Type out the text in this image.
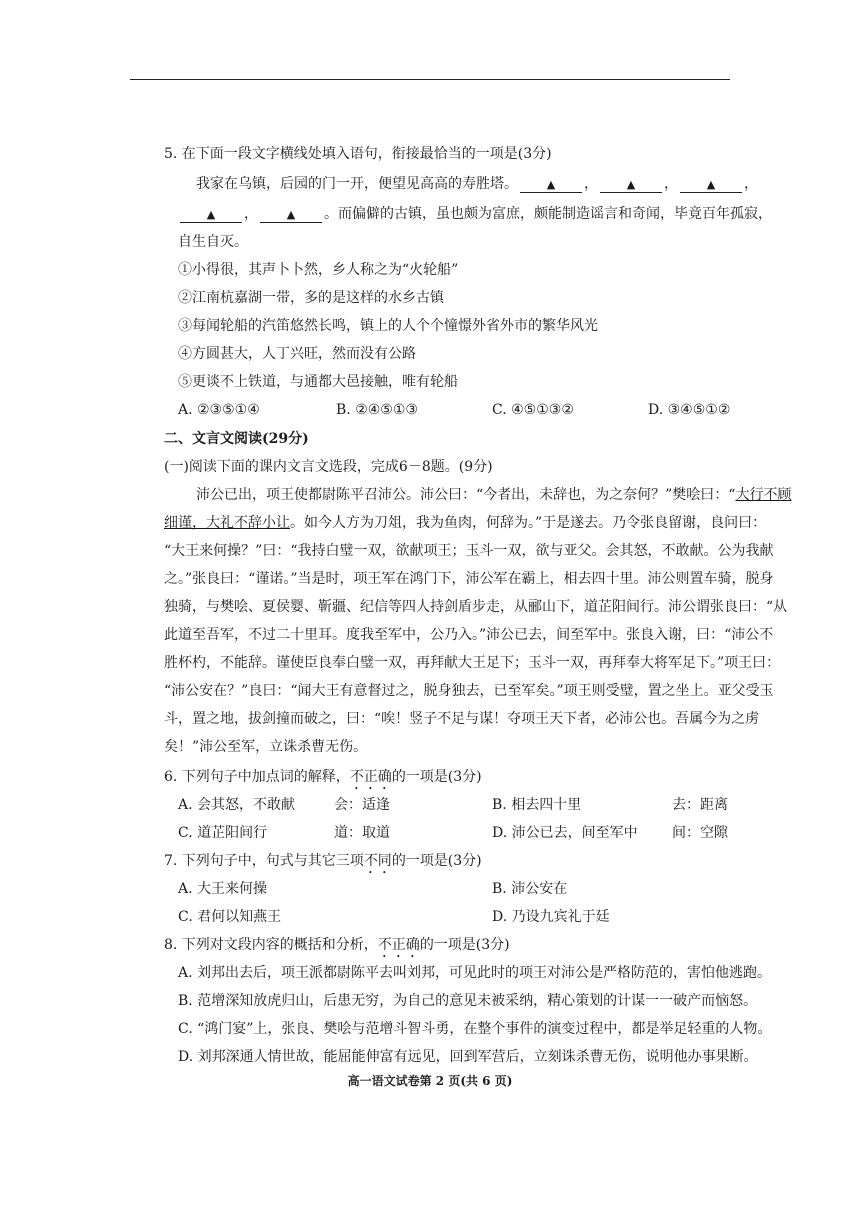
5. 在下面一段文字横线处填入语句，衔接最恰当的一项是(3分)
我家在乌镇，后园的门一开，便望见高高的寿胜塔。	▲ ，	▲ ，	▲ ，
▲ ，	▲ 。而偏僻的古镇，虽也颇为富庶，颇能制造谣言和奇闻，毕竟百年孤寂，
自生自灭。
①小得很，其声卜卜然，乡人称之为“火轮船”
②江南杭嘉湖一带，多的是这样的水乡古镇
③每闻轮船的汽笛悠然长鸣，镇上的人个个憧憬外省外市的繁华风光
④方圆甚大，人丁兴旺，然而没有公路
⑤更谈不上铁道，与通都大邑接触，唯有轮船
A. ②③⑤①④	B. ②④⑤①③	C. ④⑤①③②	D. ③④⑤①②
二、文言文阅读(29分)
(一)阅读下面的课内文言文选段，完成6－8题。(9分)
沛公已出，项王使都尉陈平召沛公。沛公曰：“今者出，未辞也，为之奈何？”樊哙曰：“大行不顾
细谨，大礼不辞小让。如今人方为刀俎，我为鱼肉，何辞为。”于是遂去。乃令张良留谢，良问曰：
“大王来何操？”曰：“我持白璧一双，欲献项王；玉斗一双，欲与亚父。会其怒，不敢献。公为我献
之。”张良曰：“谨诺。”当是时，项王军在鸿门下，沛公军在霸上，相去四十里。沛公则置车骑，脱身
独骑，与樊哙、夏侯婴、靳疆、纪信等四人持剑盾步走，从郦山下，道芷阳间行。沛公谓张良曰：“从
此道至吾军，不过二十里耳。度我至军中，公乃入。”沛公已去，间至军中。张良入谢，曰：“沛公不
胜杯杓，不能辞。谨使臣良奉白璧一双，再拜献大王足下；玉斗一双，再拜奉大将军足下。”项王曰：
“沛公安在？”良曰：“闻大王有意督过之，脱身独去，已至军矣。”项王则受璧，置之坐上。亚父受玉
斗，置之地，拔剑撞而破之，曰：“唉！竖子不足与谋！夺项王天下者，必沛公也。吾属今为之虏
矣！”沛公至军，立诛杀曹无伤。
6. 下列句子中加点词的解释，不正确的一项是(3分)
A. 会其怒，不敢献	会：适逢	B. 相去四十里	去：距离
C. 道芷阳间行	道：取道	D. 沛公已去，间至军中 间：空隙
7. 下列句子中，句式与其它三项不同的一项是(3分)
A. 大王来何操	B. 沛公安在
C. 君何以知燕王	D. 乃设九宾礼于廷
8. 下列对文段内容的概括和分析，不正确的一项是(3分)
A. 刘邦出去后，项王派都尉陈平去叫刘邦，可见此时的项王对沛公是严格防范的，害怕他逃跑。
B. 范增深知放虎归山，后患无穷，为自己的意见未被采纳，精心策划的计谋一一破产而恼怒。
C. “鸿门宴”上，张良、樊哙与范增斗智斗勇，在整个事件的演变过程中，都是举足轻重的人物。
D. 刘邦深通人情世故，能屈能伸富有远见，回到军营后，立刻诛杀曹无伤，说明他办事果断。
高一语文试卷第 2 页(共 6 页)
